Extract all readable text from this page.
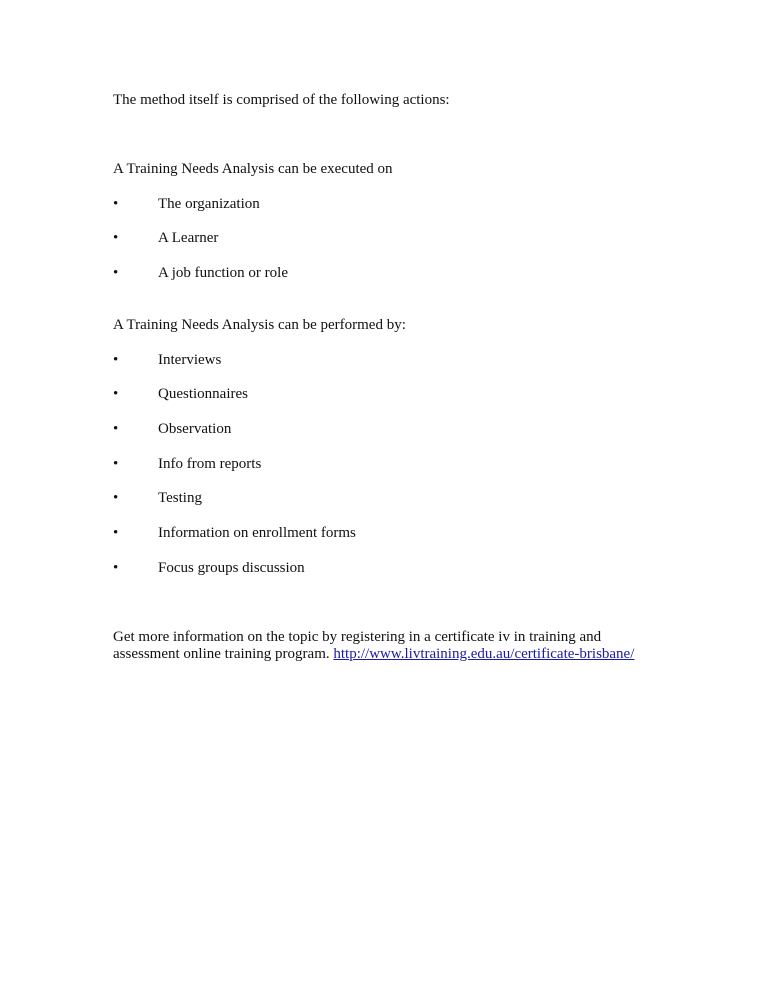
The method itself is comprised of the following actions:
A Training Needs Analysis can be executed on
•	The organization
•	A Learner
•	A job function or role
A Training Needs Analysis can be performed by:
•	Interviews
•	Questionnaires
•	Observation
•	Info from reports
•	Testing
•	Information on enrollment forms
•	Focus groups discussion
Get more information on the topic by registering in a certificate iv in training and
assessment online training program. http://www.livtraining.edu.au/certificate-brisbane/
